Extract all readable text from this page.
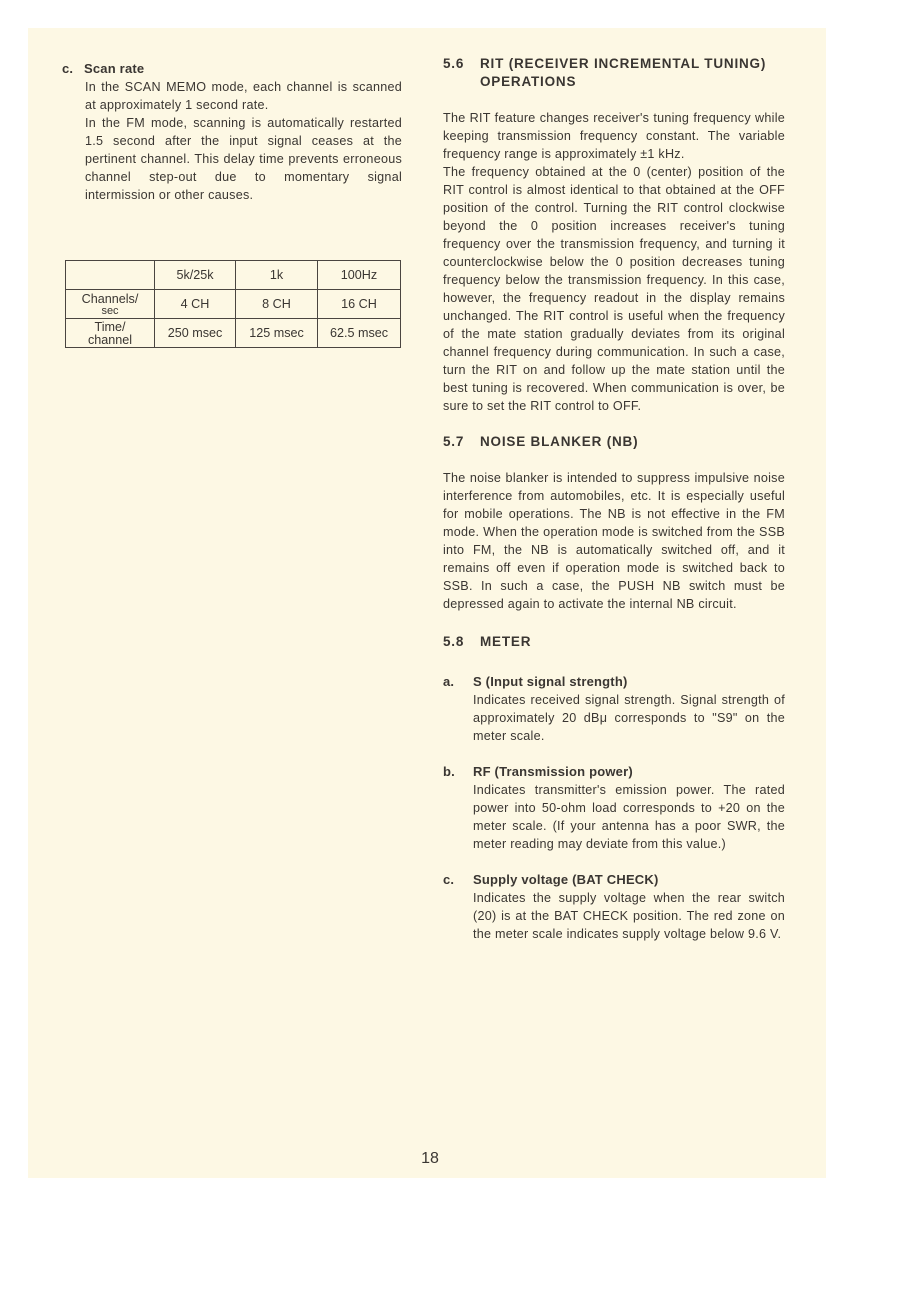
c. Scan rate

In the SCAN MEMO mode, each channel is scanned at approximately 1 second rate.

In the FM mode, scanning is automatically restarted 1.5 second after the input signal ceases at the pertinent channel. This delay time prevents erroneous channel step-out due to momentary signal intermission or other causes.

	5k/25k	1k	100Hz

Channels/
sec	4 CH	8 CH	16 CH

Time/
channel	250 msec	125 msec	62.5 msec
5.6	RIT (RECEIVER INCREMENTAL TUNING) OPERATIONS

The RIT feature changes receiver's tuning frequency while keeping transmission frequency constant. The variable frequency range is approximately ±1 kHz.

The frequency obtained at the 0 (center) position of the RIT control is almost identical to that obtained at the OFF position of the control. Turning the RIT control clockwise beyond the 0 position increases receiver's tuning frequency over the transmission frequency, and turning it counterclockwise below the 0 position decreases tuning frequency below the transmission frequency. In this case, however, the frequency readout in the display remains unchanged. The RIT control is useful when the frequency of the mate station gradually deviates from its original channel frequency during communication. In such a case, turn the RIT on and follow up the mate station until the best tuning is recovered. When communication is over, be sure to set the RIT control to OFF.

5.7	NOISE BLANKER (NB)

The noise blanker is intended to suppress impulsive noise interference from automobiles, etc. It is especially useful for mobile operations. The NB is not effective in the FM mode. When the operation mode is switched from the SSB into FM, the NB is automatically switched off, and it remains off even if operation mode is switched back to SSB. In such a case, the PUSH NB switch must be depressed again to activate the internal NB circuit.

5.8	METER
a. S (Input signal strength)
Indicates received signal strength. Signal strength of approximately 20 dBμ corresponds to "S9" on the meter scale.
b. RF (Transmission power)
Indicates transmitter's emission power. The rated power into 50-ohm load corresponds to +20 on the meter scale. (If your antenna has a poor SWR, the meter reading may deviate from this value.)
c. Supply voltage (BAT CHECK)
Indicates the supply voltage when the rear switch (20) is at the BAT CHECK position. The red zone on the meter scale indicates supply voltage below 9.6 V.
18
